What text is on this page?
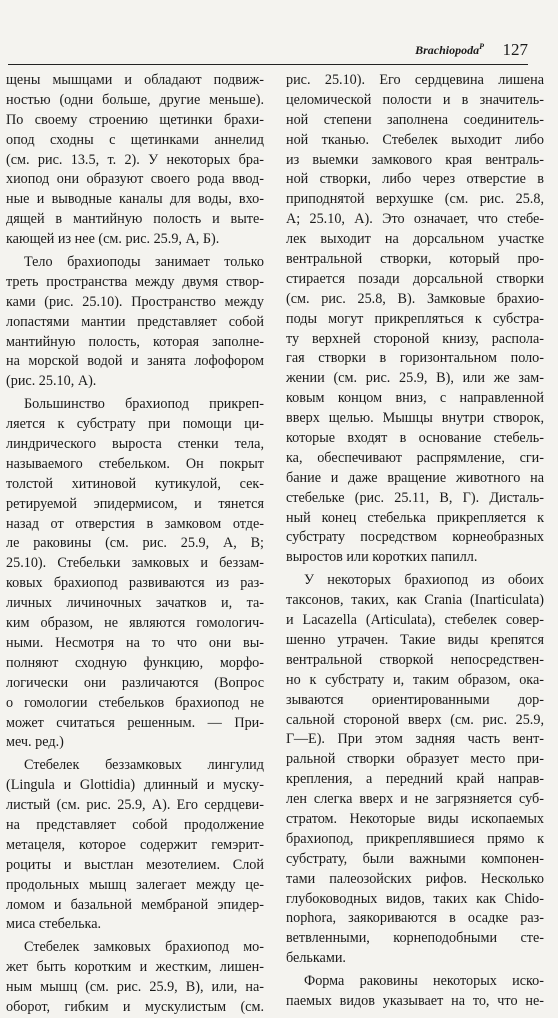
Brachiopoda$^P$ 127
щены мышцами и обладают подвиж-
ностью (одни больше, другие меньше).
По своему строению щетинки брахи-
опод сходны с щетинками аннелид
(см. рис. 13.5, т. 2). У некоторых бра-
хиопод они образуют своего рода ввод-
ные и выводные каналы для воды, вхо-
дящей в мантийную полость и выте-
кающей из нее (см. рис. 25.9, А, Б).
Тело брахиоподы занимает только
треть пространства между двумя створ-
ками (рис. 25.10). Пространство между
лопастями мантии представляет собой
мантийную полость, которая заполне-
на морской водой и занята лофофором
(рис. 25.10, А).
Большинство брахиопод прикреп-
ляется к субстрату при помощи ци-
линдрического выроста стенки тела,
называемого стебельком. Он покрыт
толстой хитиновой кутикулой, сек-
ретируемой эпидермисом, и тянется
назад от отверстия в замковом отде-
ле раковины (см. рис. 25.9, А, В;
25.10). Стебельки замковых и беззам-
ковых брахиопод развиваются из раз-
личных личиночных зачатков и, та-
ким образом, не являются гомологич-
ными. Несмотря на то что они вы-
полняют сходную функцию, морфо-
логически они различаются (Вопрос
о гомологии стебельков брахиопод не
может считаться решенным. — При-
меч. ред.)
Стебелек беззамковых лингулид
(Lingula и Glottidia) длинный и муску-
листый (см. рис. 25.9, А). Его сердцеви-
на представляет собой продолжение
метацеля, которое содержит гемэрит-
роциты и выстлан мезотелием. Слой
продольных мышц залегает между це-
ломом и базальной мембраной эпидер-
миса стебелька.
Стебелек замковых брахиопод мо-
жет быть коротким и жестким, лишен-
ным мышц (см. рис. 25.9, В), или, на-
оборот, гибким и мускулистым (см.
рис. 25.10). Его сердцевина лишена
целомической полости и в значитель-
ной степени заполнена соединитель-
ной тканью. Стебелек выходит либо
из выемки замкового края вентраль-
ной створки, либо через отверстие в
приподнятой верхушке (см. рис. 25.8,
А; 25.10, А). Это означает, что стебе-
лек выходит на дорсальном участке
вентральной створки, который про-
стирается позади дорсальной створки
(см. рис. 25.8, В). Замковые брахио-
поды могут прикрепляться к субстра-
ту верхней стороной книзу, распола-
гая створки в горизонтальном поло-
жении (см. рис. 25.9, В), или же зам-
ковым концом вниз, с направленной
вверх щелью. Мышцы внутри створок,
которые входят в основание стебель-
ка, обеспечивают распрямление, сги-
бание и даже вращение животного на
стебельке (рис. 25.11, В, Г). Дисталь-
ный конец стебелька прикрепляется к
субстрату посредством корнеобразных
выростов или коротких папилл.
У некоторых брахиопод из обоих
таксонов, таких, как Crania (Inarticulata)
и Lacazella (Articulata), стебелек совер-
шенно утрачен. Такие виды крепятся
вентральной створкой непосредствен-
но к субстрату и, таким образом, ока-
зываются ориентированными дор-
сальной стороной вверх (см. рис. 25.9,
Г—Е). При этом задняя часть вент-
ральной створки образует место при-
крепления, а передний край направ-
лен слегка вверх и не загрязняется суб-
стратом. Некоторые виды ископаемых
брахиопод, прикреплявшиеся прямо к
субстрату, были важными компонен-
тами палеозойских рифов. Несколько
глубоководных видов, таких как Chido-
nophora, заякориваются в осадке раз-
ветвленными, корнеподобными сте-
бельками.
Форма раковины некоторых иско-
паемых видов указывает на то, что не-
